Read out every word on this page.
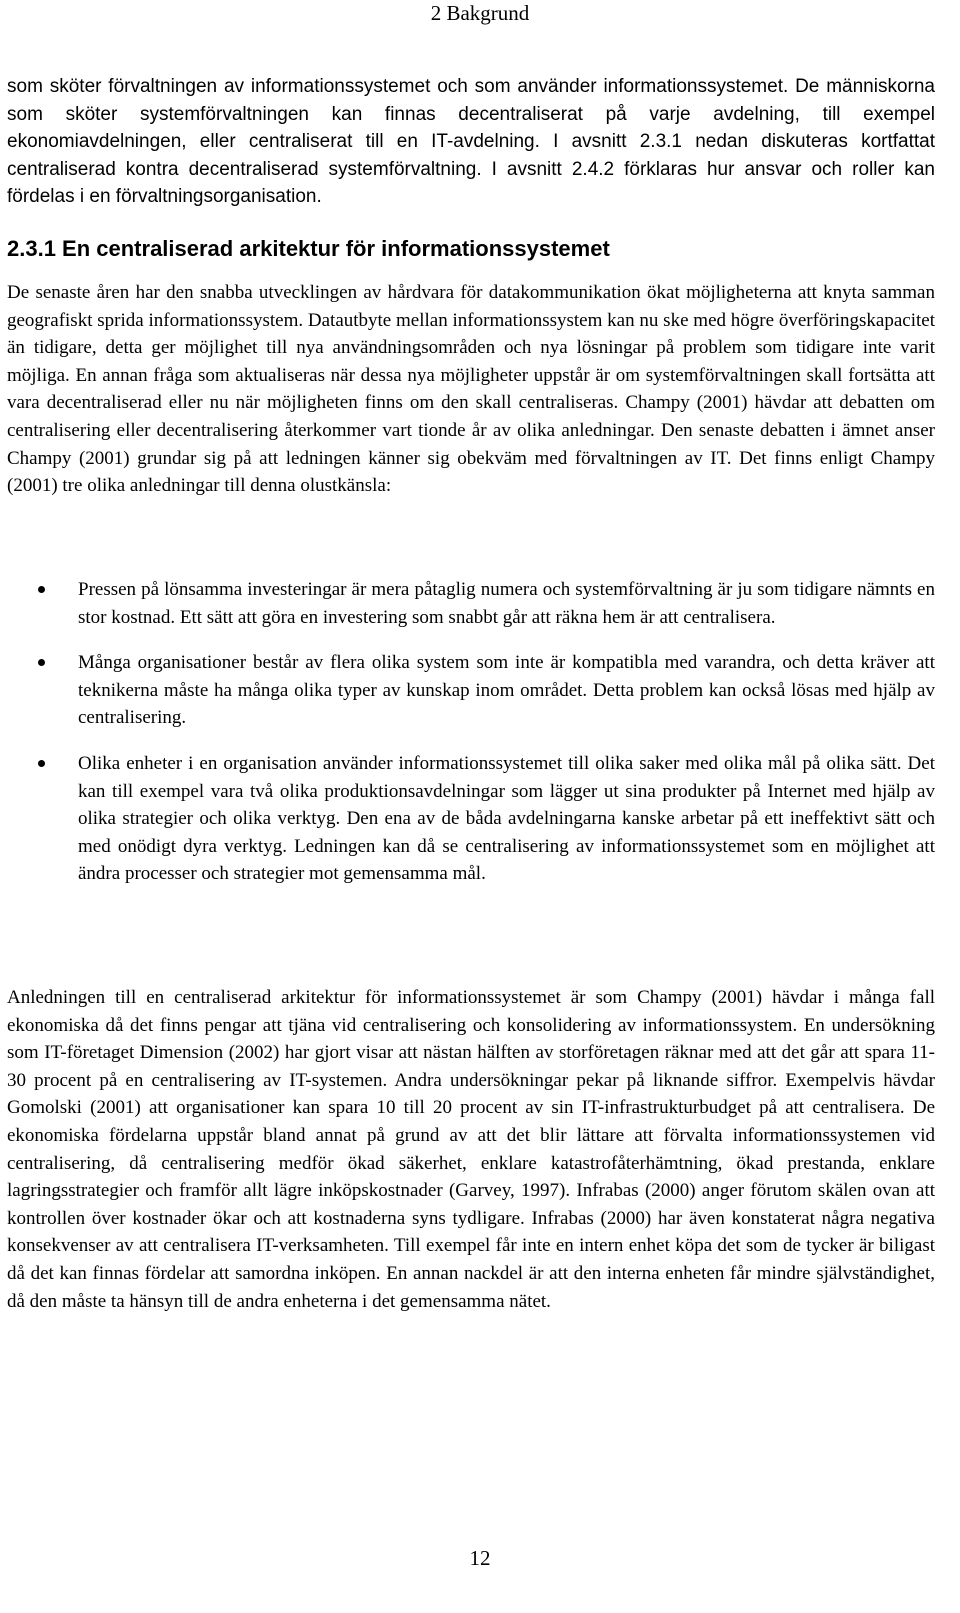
2 Bakgrund

som sköter förvaltningen av informationssystemet och som använder informationssystemet. De människorna som sköter systemförvaltningen kan finnas decentraliserat på varje avdelning, till exempel ekonomiavdelningen, eller centraliserat till en IT-avdelning. I avsnitt 2.3.1 nedan diskuteras kortfattat centraliserad kontra decentraliserad systemförvaltning. I avsnitt 2.4.2 förklaras hur ansvar och roller kan fördelas i en förvaltningsorganisation.

2.3.1 En centraliserad arkitektur för informationssystemet

De senaste åren har den snabba utvecklingen av hårdvara för datakommunikation ökat möjligheterna att knyta samman geografiskt sprida informationssystem. Datautbyte mellan informationssystem kan nu ske med högre överföringskapacitet än tidigare, detta ger möjlighet till nya användningsområden och nya lösningar på problem som tidigare inte varit möjliga. En annan fråga som aktualiseras när dessa nya möjligheter uppstår är om systemförvaltningen skall fortsätta att vara decentraliserad eller nu när möjligheten finns om den skall centraliseras. Champy (2001) hävdar att debatten om centralisering eller decentralisering återkommer vart tionde år av olika anledningar. Den senaste debatten i ämnet anser Champy (2001) grundar sig på att ledningen känner sig obekväm med förvaltningen av IT. Det finns enligt Champy (2001) tre olika anledningar till denna olustkänsla:

Pressen på lönsamma investeringar är mera påtaglig numera och systemförvaltning är ju som tidigare nämnts en stor kostnad. Ett sätt att göra en investering som snabbt går att räkna hem är att centralisera.
Många organisationer består av flera olika system som inte är kompatibla med varandra, och detta kräver att teknikerna måste ha många olika typer av kunskap inom området. Detta problem kan också lösas med hjälp av centralisering.
Olika enheter i en organisation använder informationssystemet till olika saker med olika mål på olika sätt. Det kan till exempel vara två olika produktionsavdelningar som lägger ut sina produkter på Internet med hjälp av olika strategier och olika verktyg. Den ena av de båda avdelningarna kanske arbetar på ett ineffektivt sätt och med onödigt dyra verktyg. Ledningen kan då se centralisering av informationssystemet som en möjlighet att ändra processer och strategier mot gemensamma mål.

Anledningen till en centraliserad arkitektur för informationssystemet är som Champy (2001) hävdar i många fall ekonomiska då det finns pengar att tjäna vid centralisering och konsolidering av informationssystem. En undersökning som IT-företaget Dimension (2002) har gjort visar att nästan hälften av storföretagen räknar med att det går att spara 11-30 procent på en centralisering av IT-systemen. Andra undersökningar pekar på liknande siffror. Exempelvis hävdar Gomolski (2001) att organisationer kan spara 10 till 20 procent av sin IT-infrastrukturbudget på att centralisera. De ekonomiska fördelarna uppstår bland annat på grund av att det blir lättare att förvalta informationssystemen vid centralisering, då centralisering medför ökad säkerhet, enklare katastrofåterhämtning, ökad prestanda, enklare lagringsstrategier och framför allt lägre inköpskostnader (Garvey, 1997). Infrabas (2000) anger förutom skälen ovan att kontrollen över kostnader ökar och att kostnaderna syns tydligare. Infrabas (2000) har även konstaterat några negativa konsekvenser av att centralisera IT-verksamheten. Till exempel får inte en intern enhet köpa det som de tycker är biligast då det kan finnas fördelar att samordna inköpen. En annan nackdel är att den interna enheten får mindre självständighet, då den måste ta hänsyn till de andra enheterna i det gemensamma nätet.

12
